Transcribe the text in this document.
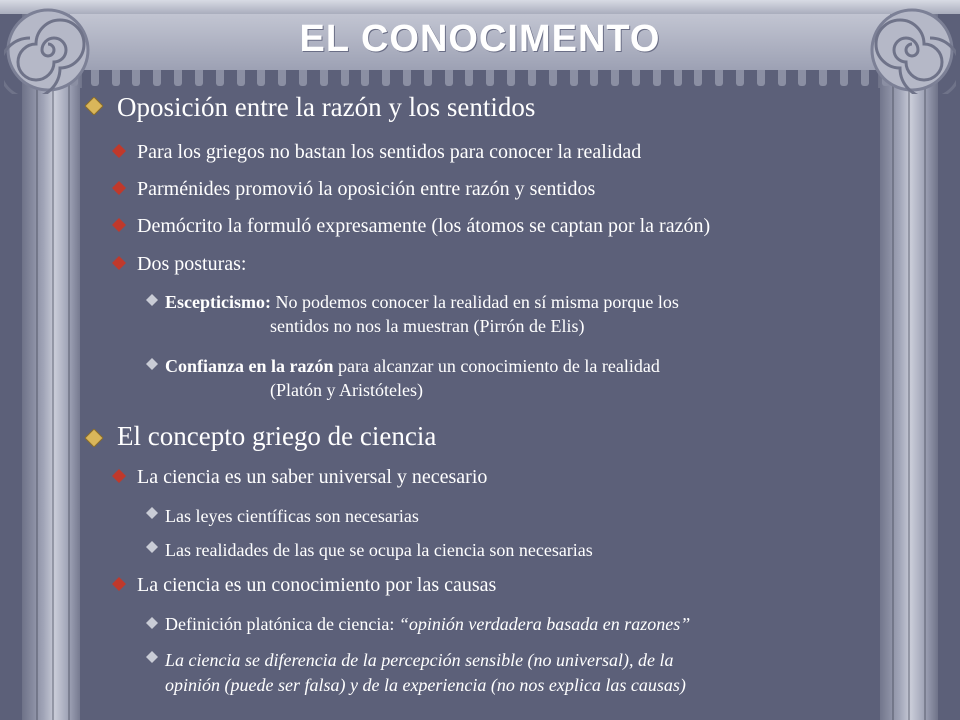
EL CONOCIMENTO
Oposición entre la razón y los sentidos
Para los griegos no bastan los sentidos para conocer la realidad
Parménides promovió la oposición entre razón y sentidos
Demócrito la formuló expresamente (los átomos se captan por la razón)
Dos posturas:
Escepticismo: No podemos conocer la realidad en sí misma porque los
sentidos no nos la muestran (Pirrón de Elis)
Confianza en la razón para alcanzar un conocimiento de la realidad
(Platón y Aristóteles)
El concepto griego de ciencia
La ciencia es un saber universal y necesario
Las leyes científicas son necesarias
Las realidades de las que se ocupa la ciencia son necesarias
La ciencia es un conocimiento por las causas
Definición platónica de ciencia: “opinión verdadera basada en razones”
La ciencia se diferencia de la percepción sensible (no universal), de la
opinión (puede ser falsa) y de la experiencia (no nos explica las causas)
